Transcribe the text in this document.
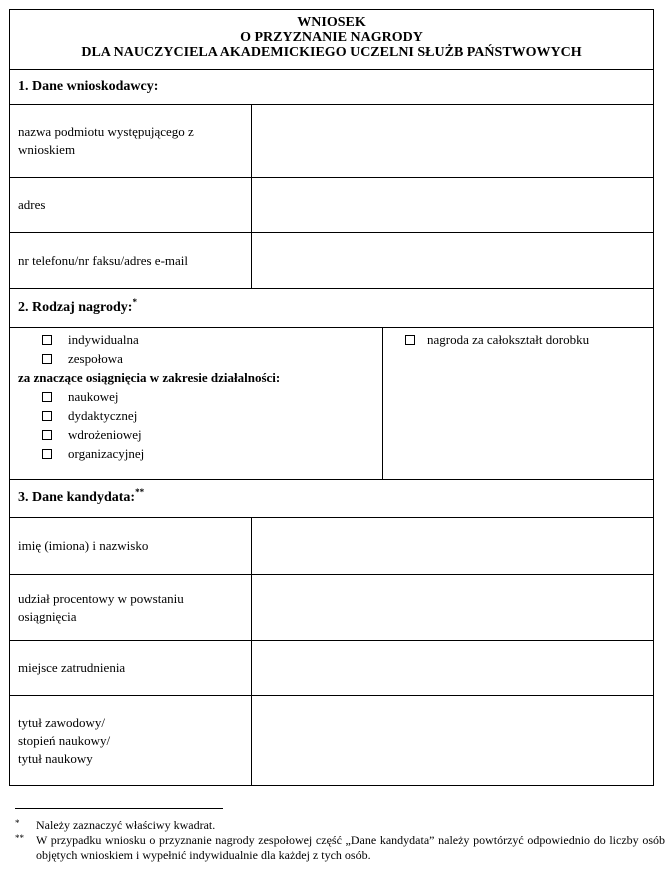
WNIOSEK
O PRZYZNANIE NAGRODY
DLA NAUCZYCIELA AKADEMICKIEGO UCZELNI SŁUŻB PAŃSTWOWYCH
1. Dane wnioskodawcy:
nazwa podmiotu występującego z wnioskiem
adres
nr telefonu/nr faksu/adres e-mail
2. Rodzaj nagrody:*
indywidualna
zespołowa
za znaczące osiągnięcia w zakresie działalności:
naukowej
dydaktycznej
wdrożeniowej
organizacyjnej
nagroda za całokształt dorobku
3. Dane kandydata:**
imię (imiona) i nazwisko
udział procentowy w powstaniu osiągnięcia
miejsce zatrudnienia
tytuł zawodowy/
stopień naukowy/
tytuł naukowy
*	Należy zaznaczyć właściwy kwadrat.
**	W przypadku wniosku o przyznanie nagrody zespołowej część „Dane kandydata” należy powtórzyć odpowiednio do liczby osób objętych wnioskiem i wypełnić indywidualnie dla każdej z tych osób.
